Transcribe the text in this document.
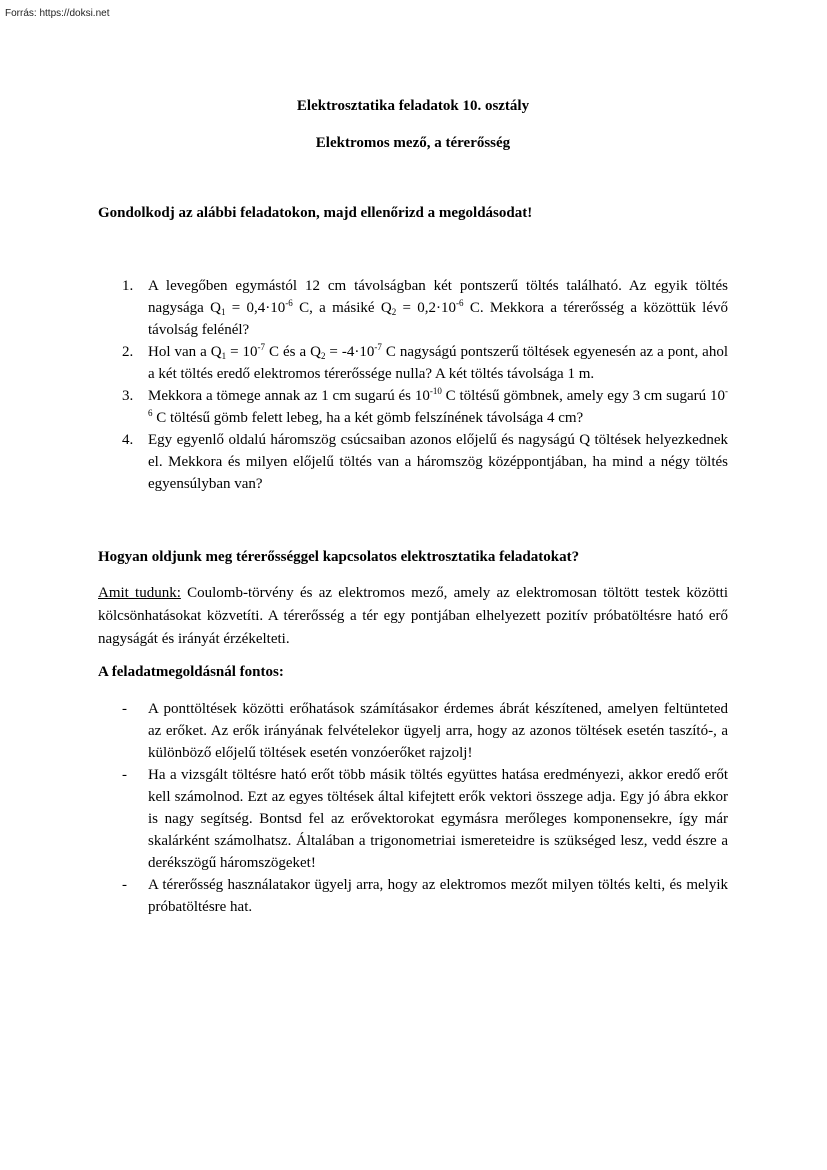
Forrás: https://doksi.net
Elektrosztatika feladatok 10. osztály
Elektromos mező, a térerősség
Gondolkodj az alábbi feladatokon, majd ellenőrizd a megoldásodat!
1. A levegőben egymástól 12 cm távolságban két pontszerű töltés található. Az egyik töltés nagysága $Q_1 = 0,4\cdot 10^{-6}$ C, a másiké $Q_2 = 0,2\cdot 10^{-6}$ C. Mekkora a térerősség a közöttük lévő távolság felénél?
2. Hol van a $Q_1 = 10^{-7}$ C és a $Q_2 = -4\cdot 10^{-7}$ C nagyságú pontszerű töltések egyenesén az a pont, ahol a két töltés eredő elektromos térerőssége nulla? A két töltés távolsága 1 m.
3. Mekkora a tömege annak az 1 cm sugarú és $10^{-10}$ C töltésű gömbnek, amely egy 3 cm sugarú $10^{-6}$ C töltésű gömb felett lebeg, ha a két gömb felszínének távolsága 4 cm?
4. Egy egyenlő oldalú háromszög csúcsaiban azonos előjelű és nagyságú Q töltések helyezkednek el. Mekkora és milyen előjelű töltés van a háromszög középpontjában, ha mind a négy töltés egyensúlyban van?
Hogyan oldjunk meg térerősséggel kapcsolatos elektrosztatika feladatokat?
Amit tudunk: Coulomb-törvény és az elektromos mező, amely az elektromosan töltött testek közötti kölcsönhatásokat közvetíti. A térerősség a tér egy pontjában elhelyezett pozitív próbatöltésre ható erő nagyságát és irányát érzékelteti.
A feladatmegoldásnál fontos:
- A ponttöltések közötti erőhatások számításakor érdemes ábrát készítened, amelyen feltünteted az erőket. Az erők irányának felvételekor ügyelj arra, hogy az azonos töltések esetén taszító-, a különböző előjelű töltések esetén vonzóerőket rajzolj!
- Ha a vizsgált töltésre ható erőt több másik töltés együttes hatása eredményezi, akkor eredő erőt kell számolnod. Ezt az egyes töltések által kifejtett erők vektori összege adja. Egy jó ábra ekkor is nagy segítség. Bontsd fel az erővektorokat egymásra merőleges komponensekre, így már skalárként számolhatsz. Általában a trigonometriai ismereteidre is szükséged lesz, vedd észre a derékszögű háromszögeket!
- A térerősség használatakor ügyelj arra, hogy az elektromos mezőt milyen töltés kelti, és melyik próbatöltésre hat.
